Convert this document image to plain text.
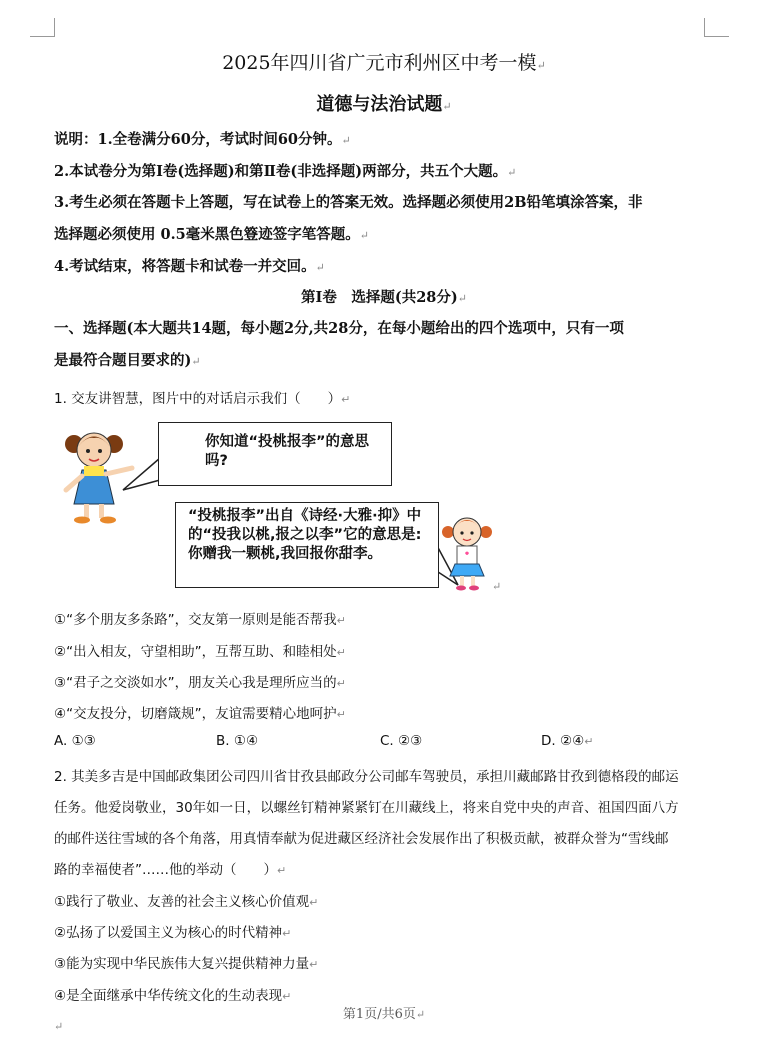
2025年四川省广元市利州区中考一模↵
道德与法治试题↵
说明：1.全卷满分60分，考试时间60分钟。↵
2.本试卷分为第Ⅰ卷(选择题)和第Ⅱ卷(非选择题)两部分，共五个大题。↵
3.考生必须在答题卡上答题，写在试卷上的答案无效。选择题必须使用2B铅笔填涂答案，非
选择题必须使用 0.5毫米黑色簦迹签字笔答题。↵
4.考试结束，将答题卡和试卷一并交回。↵
第Ⅰ卷　选择题(共28分)↵
一、选择题(本大题共14题，每小题2分,共28分，在每小题给出的四个选项中，只有一项
是最符合题目要求的)↵
1. 交友讲智慧，图片中的对话启示我们（　　）↵
你知道“投桃报李”的意思吗?
“投桃报李”出自《诗经·大雅·抑》中的“投我以桃,报之以李”它的意思是:你赠我一颗桃,我回报你甜李。
↵
①“多个朋友多条路”，交友第一原则是能否帮我↵
②“出入相友，守望相助”，互帮互助、和睦相处↵
③“君子之交淡如水”，朋友关心我是理所应当的↵
④“交友投分，切磨箴规”，友谊需要精心地呵护↵
A. ①③	B. ①④	C. ②③	D. ②④↵
2. 其美多吉是中国邮政集团公司四川省甘孜县邮政分公司邮车驾驶员，承担川藏邮路甘孜到德格段的邮运
任务。他爱岗敬业，30年如一日，以螺丝钉精神紧紧钉在川藏线上，将来自党中央的声音、祖国四面八方
的邮件送往雪域的各个角落，用真情奉献为促进藏区经济社会发展作出了积极贡献，被群众誉为“雪线邮
路的幸福使者”……他的举动（　　）↵
①践行了敬业、友善的社会主义核心价值观↵
②弘扬了以爱国主义为核心的时代精神↵
③能为实现中华民族伟大复兴提供精神力量↵
④是全面继承中华传统文化的生动表现↵
第1页/共6页↵
↵
